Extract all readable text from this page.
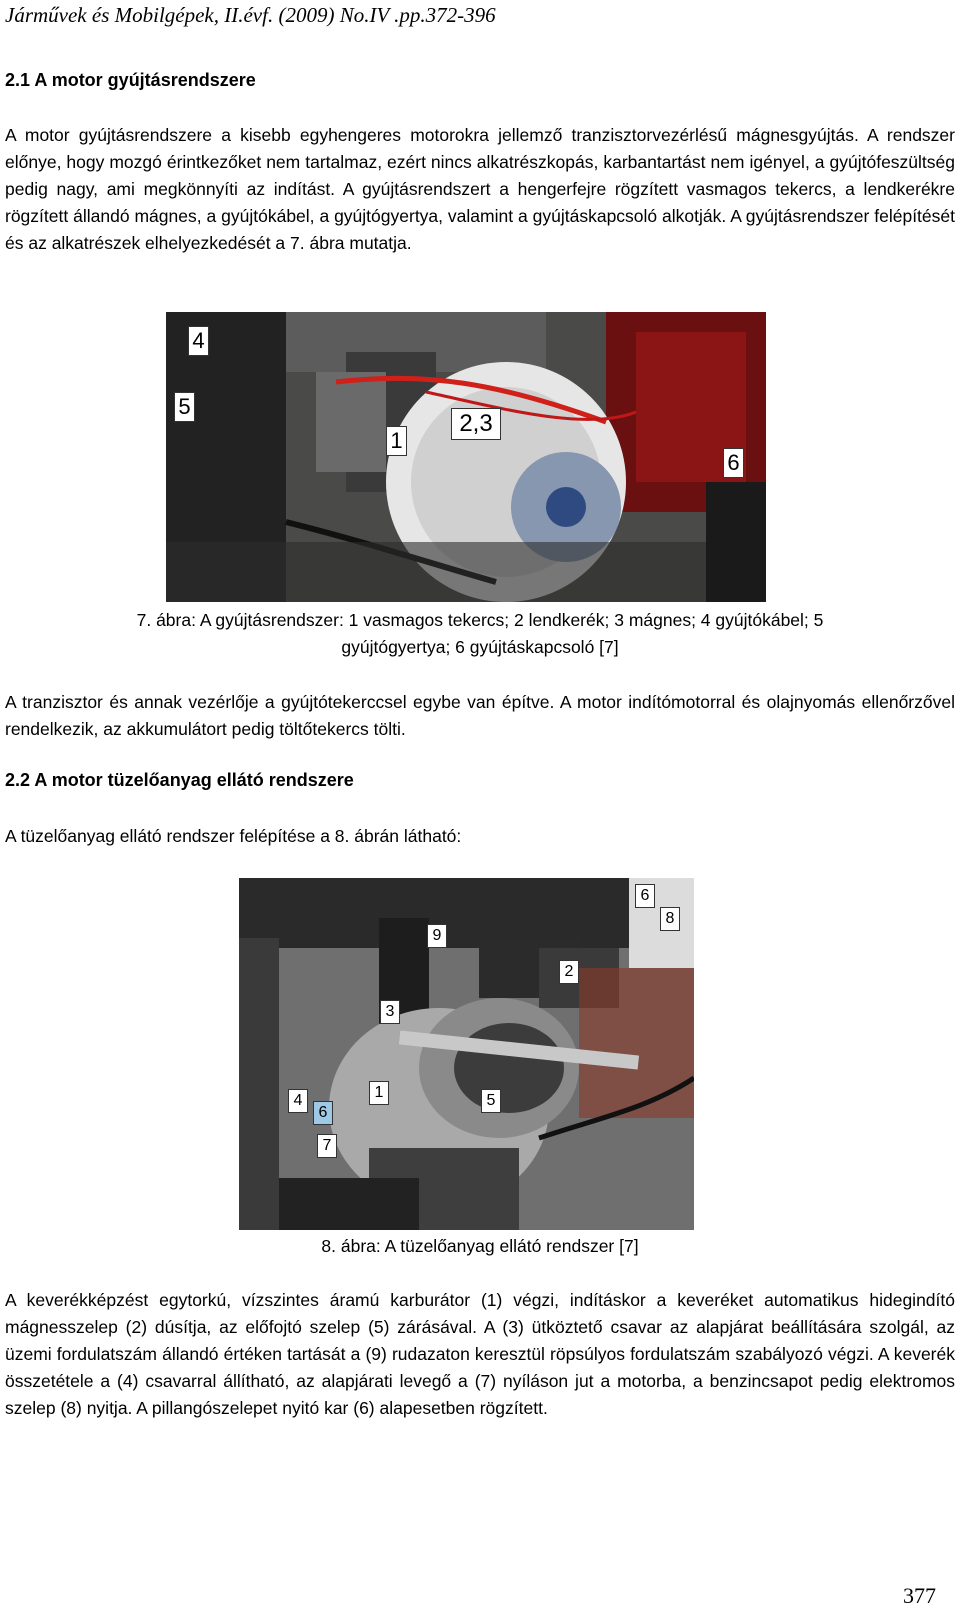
Járművek és Mobilgépek, II.évf. (2009) No.IV .pp.372-396
2.1 A motor gyújtásrendszere
A motor gyújtásrendszere a kisebb egyhengeres motorokra jellemző tranzisztorvezérlésű mágnesgyújtás. A rendszer előnye, hogy mozgó érintkezőket nem tartalmaz, ezért nincs alkatrészkopás, karbantartást nem igényel, a gyújtófeszültség pedig nagy, ami megkönnyíti az indítást. A gyújtásrendszert a hengerfejre rögzített vasmagos tekercs, a lendkerékre rögzített állandó mágnes, a gyújtókábel, a gyújtógyertya, valamint a gyújtáskapcsoló alkotják. A gyújtásrendszer felépítését és az alkatrészek elhelyezkedését a 7. ábra mutatja.
4
5
1
2,3
6
7. ábra: A gyújtásrendszer: 1 vasmagos tekercs; 2 lendkerék; 3 mágnes; 4 gyújtókábel; 5
gyújtógyertya; 6 gyújtáskapcsoló [7]
A tranzisztor és annak vezérlője a gyújtótekerccsel egybe van építve. A motor indítómotorral és olajnyomás ellenőrzővel rendelkezik, az akkumulátort pedig töltőtekercs tölti.
2.2 A motor tüzelőanyag ellátó rendszere
A tüzelőanyag ellátó rendszer felépítése a 8. ábrán látható:
6
8
9
2
3
1
4	5
6
7
8. ábra: A tüzelőanyag ellátó rendszer [7]
A keverékképzést egytorkú, vízszintes áramú karburátor (1) végzi, indításkor a keveréket automatikus hidegindító mágnesszelep (2) dúsítja, az előfojtó szelep (5) zárásával. A (3) ütköztető csavar az alapjárat beállítására szolgál, az üzemi fordulatszám állandó értéken tartását a (9) rudazaton keresztül röpsúlyos fordulatszám szabályozó végzi. A keverék összetétele a (4) csavarral állítható, az alapjárati levegő a (7) nyíláson jut a motorba, a benzincsapot pedig elektromos szelep (8) nyitja. A pillangószelepet nyitó kar (6) alapesetben rögzített.
377
